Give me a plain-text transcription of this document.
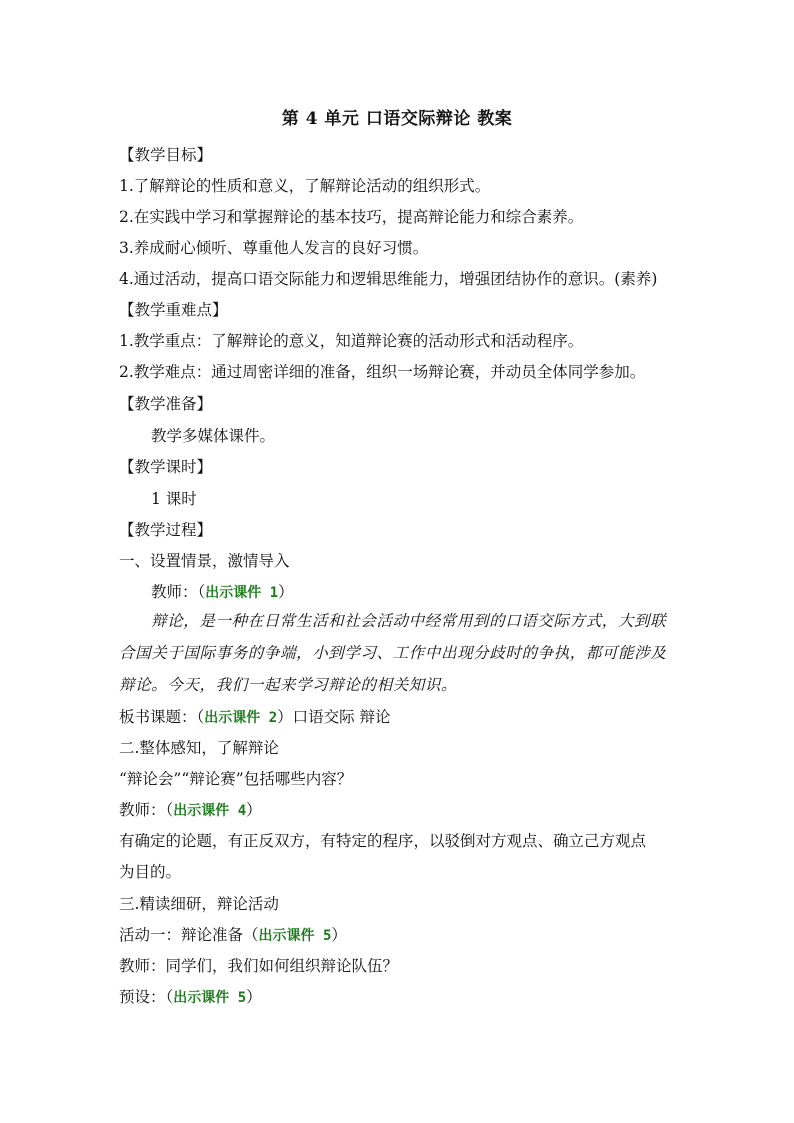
第 4 单元 口语交际辩论 教案
【教学目标】
1.了解辩论的性质和意义，了解辩论活动的组织形式。
2.在实践中学习和掌握辩论的基本技巧，提高辩论能力和综合素养。
3.养成耐心倾听、尊重他人发言的良好习惯。
4.通过活动，提高口语交际能力和逻辑思维能力，增强团结协作的意识。(素养)
【教学重难点】
1.教学重点：了解辩论的意义，知道辩论赛的活动形式和活动程序。
2.教学难点：通过周密详细的准备，组织一场辩论赛，并动员全体同学参加。
【教学准备】
教学多媒体课件。
【教学课时】
1 课时
【教学过程】
一、设置情景，激情导入
教师：（出示课件 1）
辩论，是一种在日常生活和社会活动中经常用到的口语交际方式，大到联合国关于国际事务的争端，小到学习、工作中出现分歧时的争执，都可能涉及辩论。今天，我们一起来学习辩论的相关知识。
板书课题：（出示课件 2）口语交际 辩论
二.整体感知，了解辩论
“辩论会”“辩论赛”包括哪些内容？
教师：（出示课件 4）
有确定的论题，有正反双方，有特定的程序，以驳倒对方观点、确立己方观点
为目的。
三.精读细研，辩论活动
活动一：辩论准备（出示课件 5）
教师：同学们，我们如何组织辩论队伍？
预设：（出示课件 5）
